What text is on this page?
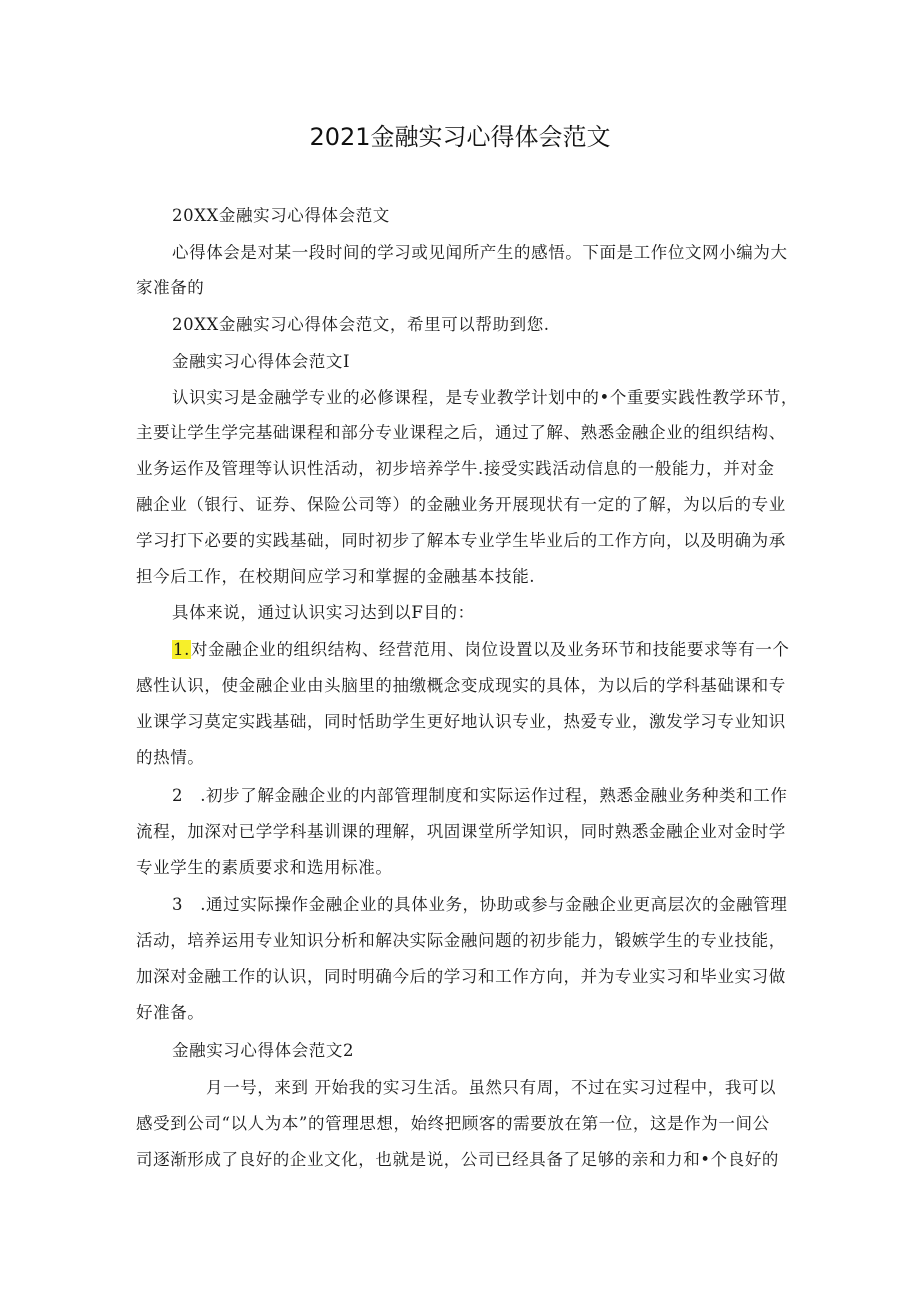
2021金融实习心得体会范文
20XX金融实习心得体会范文
心得体会是对某一段时间的学习或见闻所产生的感悟。下面是工作位文网小编为大
家准备的
20XX金融实习心得体会范文，希里可以帮助到您.
金融实习心得体会范文I
认识实习是金融学专业的必修课程，是专业教学计划中的•个重要实践性教学环节，
主要让学生学完基础课程和部分专业课程之后，通过了解、熟悉金融企业的组织结构、
业务运作及管理等认识性活动，初步培养学牛.接受实践活动信息的一般能力，并对金
融企业（银行、证券、保险公司等）的金融业务开展现状有一定的了解，为以后的专业
学习打下必要的实践基础，同时初步了解本专业学生毕业后的工作方向，以及明确为承
担今后工作，在校期间应学习和掌握的金融基本技能.
具体来说，通过认识实习达到以F目的：
1.对金融企业的组织结构、经营范用、岗位设置以及业务环节和技能要求等有一个
感性认识，使金融企业由头脑里的抽缴概念变成现实的具体，为以后的学科基础课和专
业课学习莫定实践基础，同时恬助学生更好地认识专业，热爱专业，激发学习专业知识
的热情。
2　.初步了解金融企业的内部管理制度和实际运作过程，熟悉金融业务种类和工作
流程，加深对已学学科基训课的理解，巩固课堂所学知识，同时熟悉金融企业对金时学
专业学生的素质要求和选用标准。
3　.通过实际操作金融企业的具体业务，协助或参与金融企业更高层次的金融管理
活动，培养运用专业知识分析和解决实际金融问题的初步能力，锻嫉学生的专业技能，
加深对金融工作的认识，同时明确今后的学习和工作方向，并为专业实习和毕业实习做
好准备。
金融实习心得体会范文2
月一号，来到 开始我的实习生活。虽然只有周，不过在实习过程中，我可以
感受到公司“以人为本”的管理思想，始终把顾客的需要放在第一位，这是作为一间公
司逐渐形成了良好的企业文化，也就是说，公司已经具备了足够的亲和力和•个良好的
